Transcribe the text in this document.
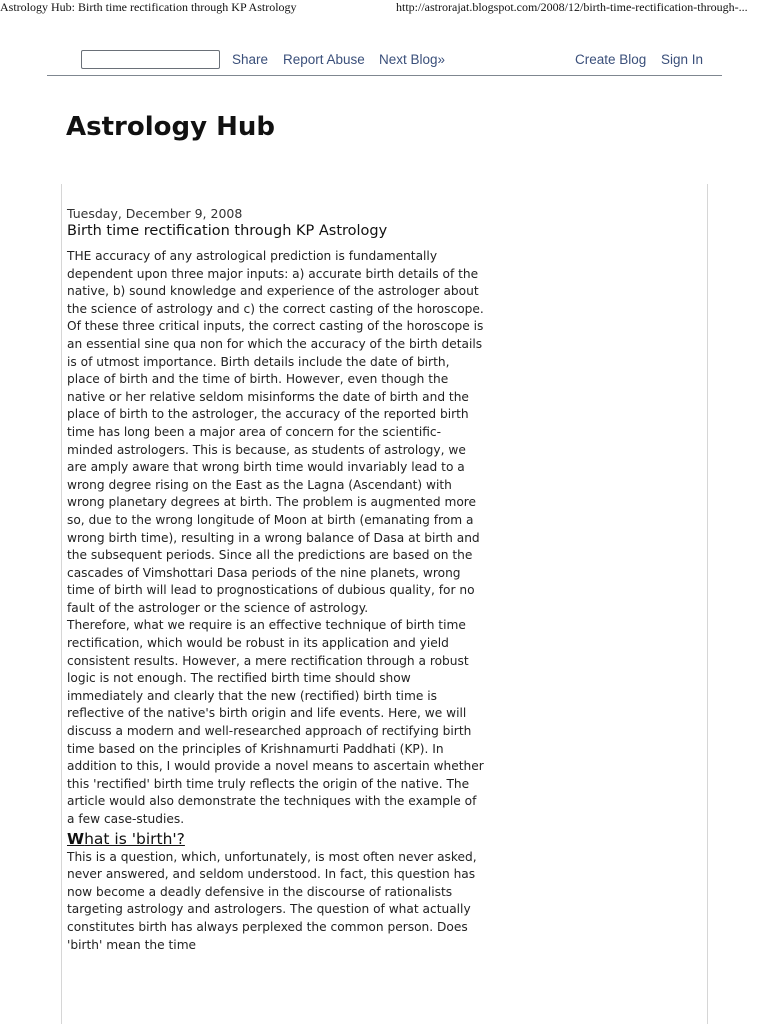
Astrology Hub: Birth time rectification through KP Astrology	http://astrorajat.blogspot.com/2008/12/birth-time-rectification-through-...
Share Report Abuse Next Blog»	Create Blog Sign In
Astrology Hub
Tuesday, December 9, 2008
Birth time rectification through KP Astrology

THE accuracy of any astrological prediction is fundamentally dependent upon three major inputs: a) accurate birth details of the native, b) sound knowledge and experience of the astrologer about the science of astrology and c) the correct casting of the horoscope. Of these three critical inputs, the correct casting of the horoscope is an essential sine qua non for which the accuracy of the birth details is of utmost importance. Birth details include the date of birth, place of birth and the time of birth. However, even though the native or her relative seldom misinforms the date of birth and the place of birth to the astrologer, the accuracy of the reported birth time has long been a major area of concern for the scientific-minded astrologers. This is because, as students of astrology, we are amply aware that wrong birth time would invariably lead to a wrong degree rising on the East as the Lagna (Ascendant) with wrong planetary degrees at birth. The problem is augmented more so, due to the wrong longitude of Moon at birth (emanating from a wrong birth time), resulting in a wrong balance of Dasa at birth and the subsequent periods. Since all the predictions are based on the cascades of Vimshottari Dasa periods of the nine planets, wrong time of birth will lead to prognostications of dubious quality, for no fault of the astrologer or the science of astrology.

Therefore, what we require is an effective technique of birth time rectification, which would be robust in its application and yield consistent results. However, a mere rectification through a robust logic is not enough. The rectified birth time should show immediately and clearly that the new (rectified) birth time is reflective of the native's birth origin and life events. Here, we will discuss a modern and well-researched approach of rectifying birth time based on the principles of Krishnamurti Paddhati (KP). In addition to this, I would provide a novel means to ascertain whether this 'rectified' birth time truly reflects the origin of the native. The article would also demonstrate the techniques with the example of a few case-studies.

What is 'birth'?

This is a question, which, unfortunately, is most often never asked, never answered, and seldom understood. In fact, this question has now become a deadly defensive in the discourse of rationalists targeting astrology and astrologers. The question of what actually constitutes birth has always perplexed the common person. Does 'birth' mean the time
